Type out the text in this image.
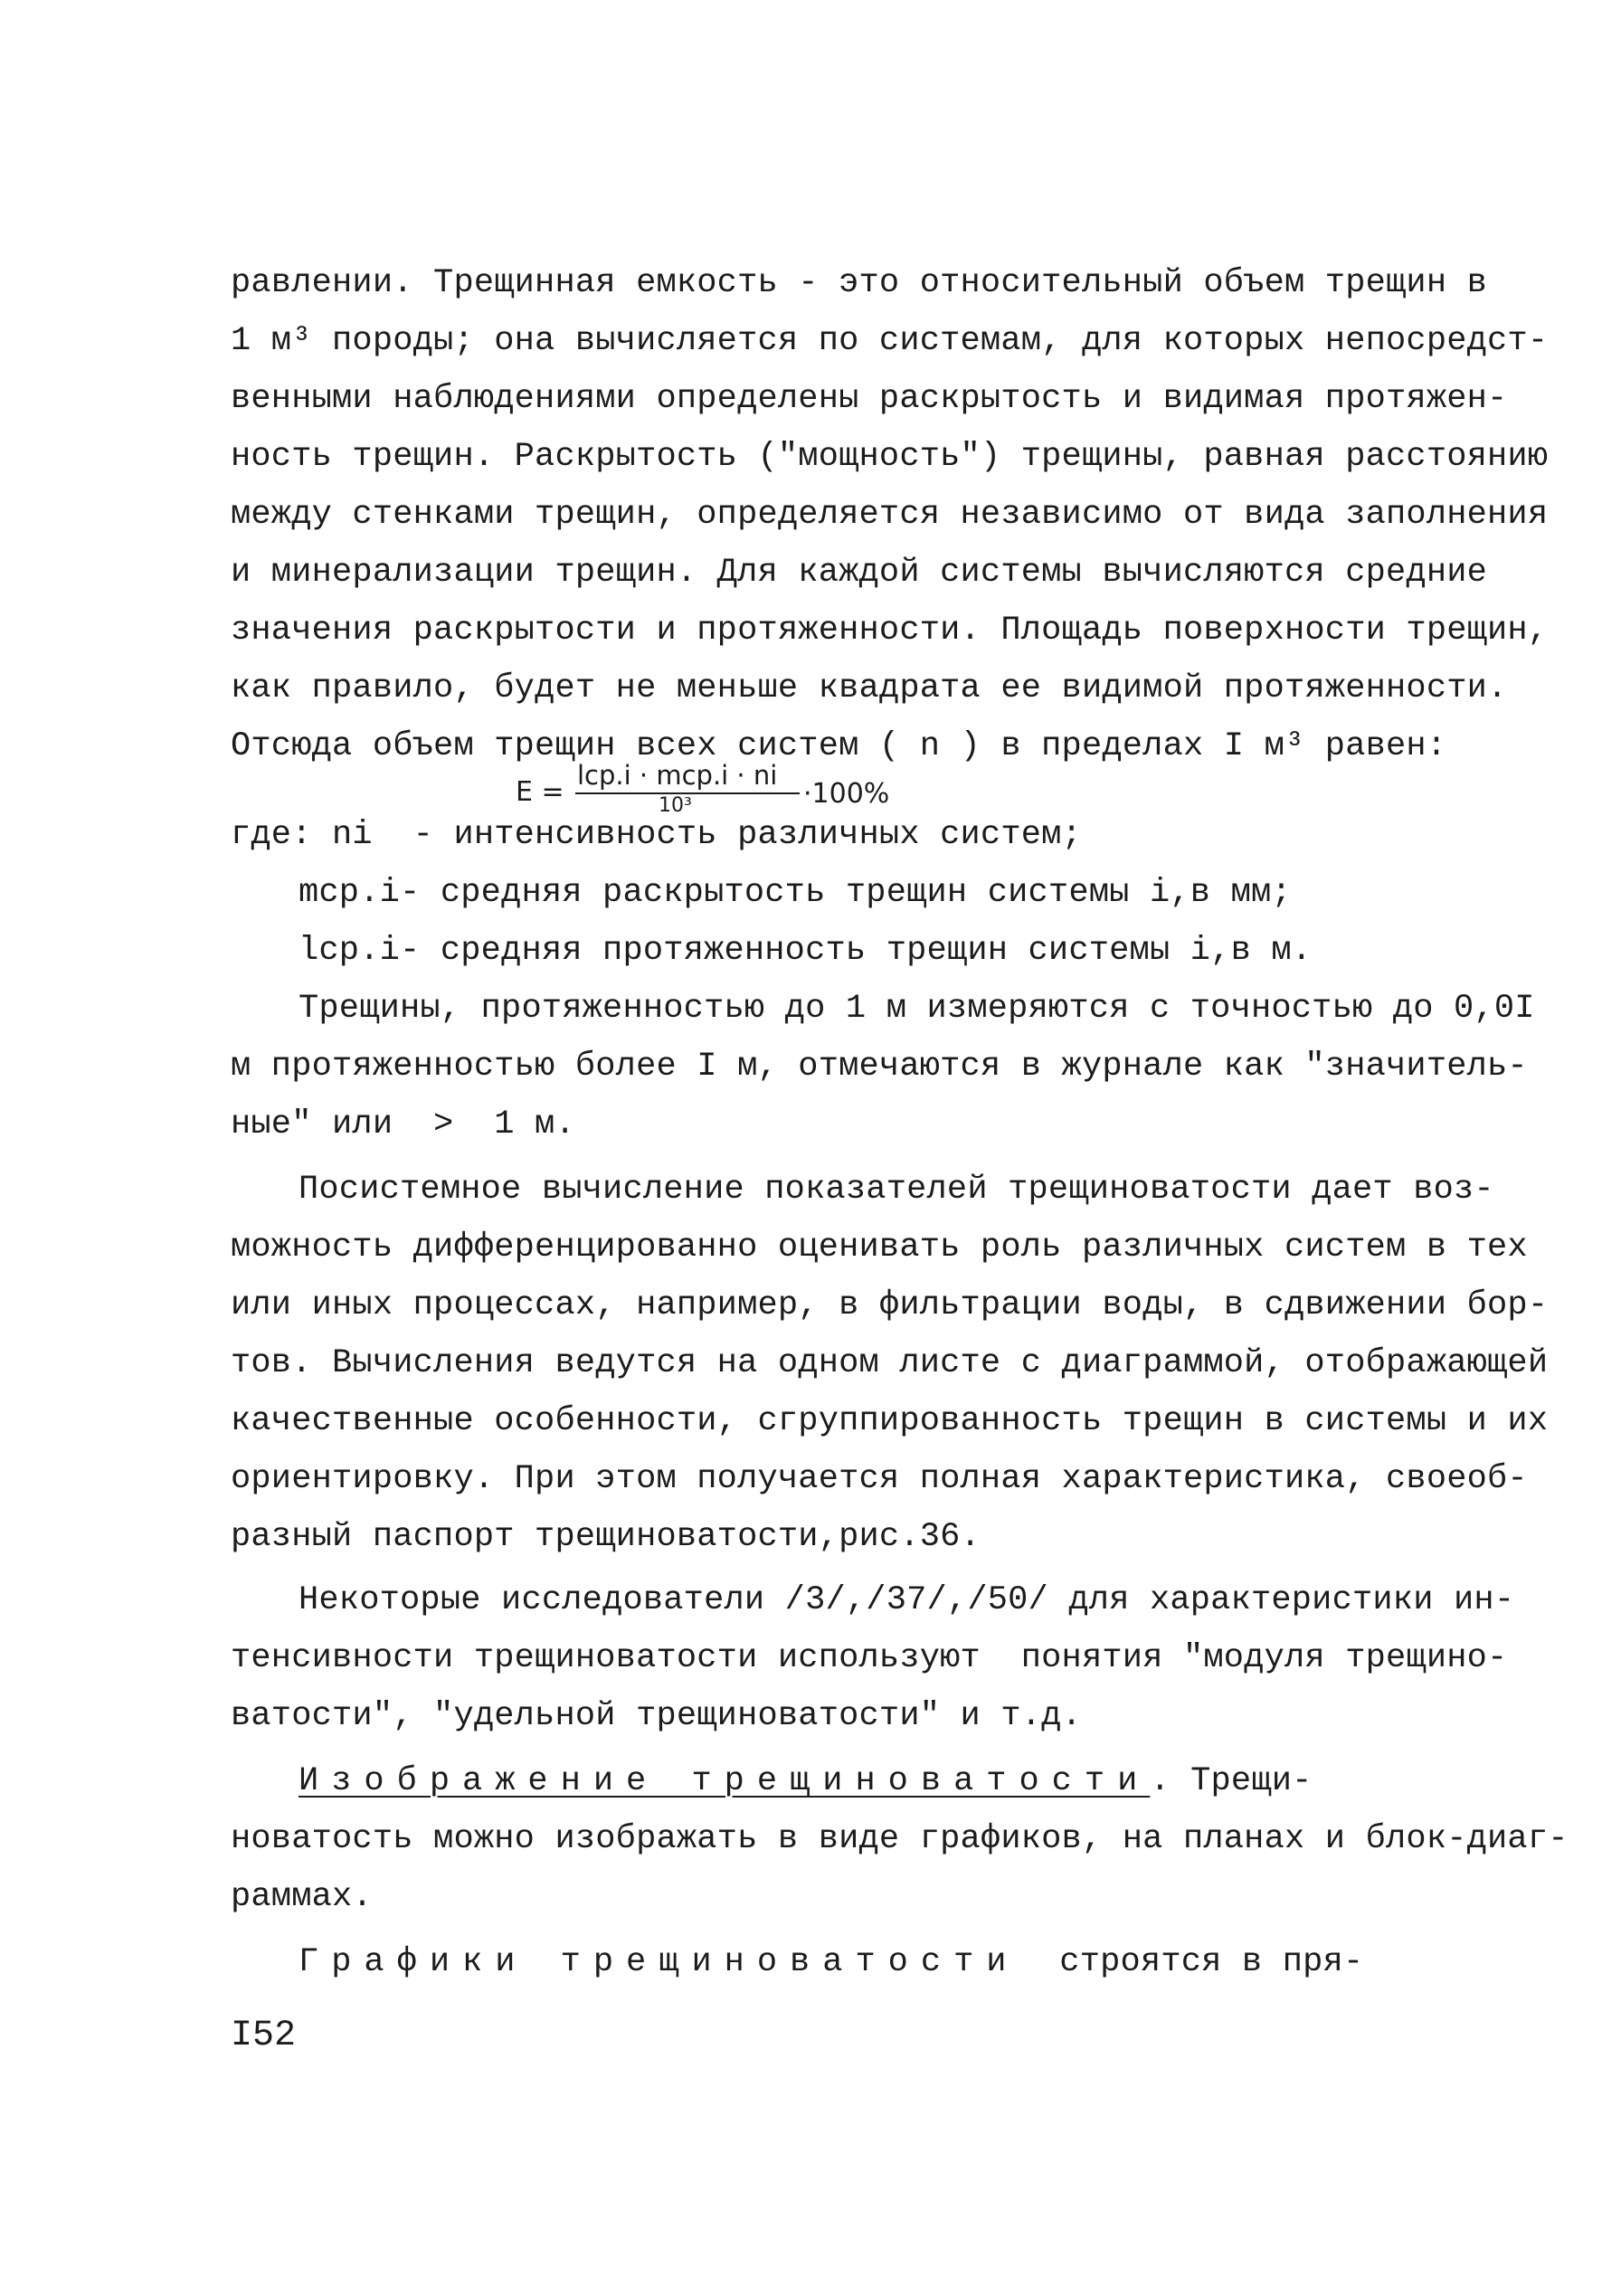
равлении. Трещинная емкость - это относительный объем трещин в
1 м³ породы; она вычисляется по системам, для которых непосредст-
венными наблюдениями определены раскрытость и видимая протяжен-
ность трещин. Раскрытость ("мощность") трещины, равная расстоянию
между стенками трещин, определяется независимо от вида заполнения
и минерализации трещин. Для каждой системы вычисляются средние
значения раскрытости и протяженности. Площадь поверхности трещин,
как правило, будет не меньше квадрата ее видимой протяженности.
Отсюда объем трещин всех систем ( n ) в пределах I м³ равен:
E =
lср.i · mср.i · ni
10³	·100%
где: ni  - интенсивность различных систем;
mср.i- средняя раскрытость трещин системы i,в мм;
lср.i- средняя протяженность трещин системы i,в м.
Трещины, протяженностью до 1 м измеряются с точностью до 0,0I
м протяженностью более I м, отмечаются в журнале как "значитель-
ные" или  >  1 м.
Посистемное вычисление показателей трещиноватости дает воз-
можность дифференцированно оценивать роль различных систем в тех
или иных процессах, например, в фильтрации воды, в сдвижении бор-
тов. Вычисления ведутся на одном листе с диаграммой, отображающей
качественные особенности, сгруппированность трещин в системы и их
ориентировку. При этом получается полная характеристика, своеоб-
разный паспорт трещиноватости,рис.36.
Некоторые исследователи /3/,/37/,/50/ для характеристики ин-
тенсивности трещиноватости используют  понятия "модуля трещино-
ватости", "удельной трещиноватости" и т.д.
Изображение трещиноватости. Трещи-
новатость можно изображать в виде графиков, на планах и блок-диаг-
раммах.
Графики трещиноватости строятся в пря-
I52
